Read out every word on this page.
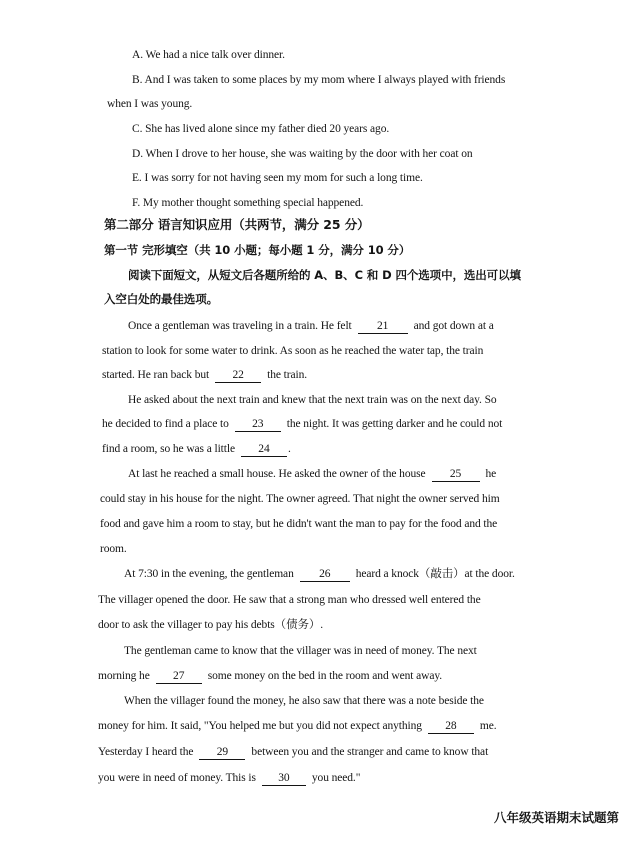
A. We had a nice talk over dinner.
B. And I was taken to some places by my mom where I always played with friends
when I was young.
C. She has lived alone since my father died 20 years ago.
D. When I drove to her house, she was waiting by the door with her coat on
E. I was sorry for not having seen my mom for such a long time.
F. My mother thought something special happened.
第二部分 语言知识应用（共两节，满分 25 分）
第一节 完形填空（共 10 小题；每小题 1 分，满分 10 分）
阅读下面短文，从短文后各题所给的 A、B、C 和 D 四个选项中，选出可以填
入空白处的最佳选项。
Once a gentleman was traveling in a train. He felt 21 and got down at a
station to look for some water to drink. As soon as he reached the water tap, the train
started. He ran back but 22 the train.
He asked about the next train and knew that the next train was on the next day. So
he decided to find a place to 23 the night. It was getting darker and he could not
find a room, so he was a little 24 .
At last he reached a small house. He asked the owner of the house 25 he
could stay in his house for the night. The owner agreed. That night the owner served him
food and gave him a room to stay, but he didn't want the man to pay for the food and the
room.
At 7:30 in the evening, the gentleman 26 heard a knock（敲击）at the door.
The villager opened the door. He saw that a strong man who dressed well entered the
door to ask the villager to pay his debts（债务）.
The gentleman came to know that the villager was in need of money. The next
morning he 27 some money on the bed in the room and went away.
When the villager found the money, he also saw that there was a note beside the
money for him. It said, "You helped me but you did not expect anything 28 me.
Yesterday I heard the 29 between you and the stranger and came to know that
you were in need of money. This is 30 you need."
八年级英语期末试题第
